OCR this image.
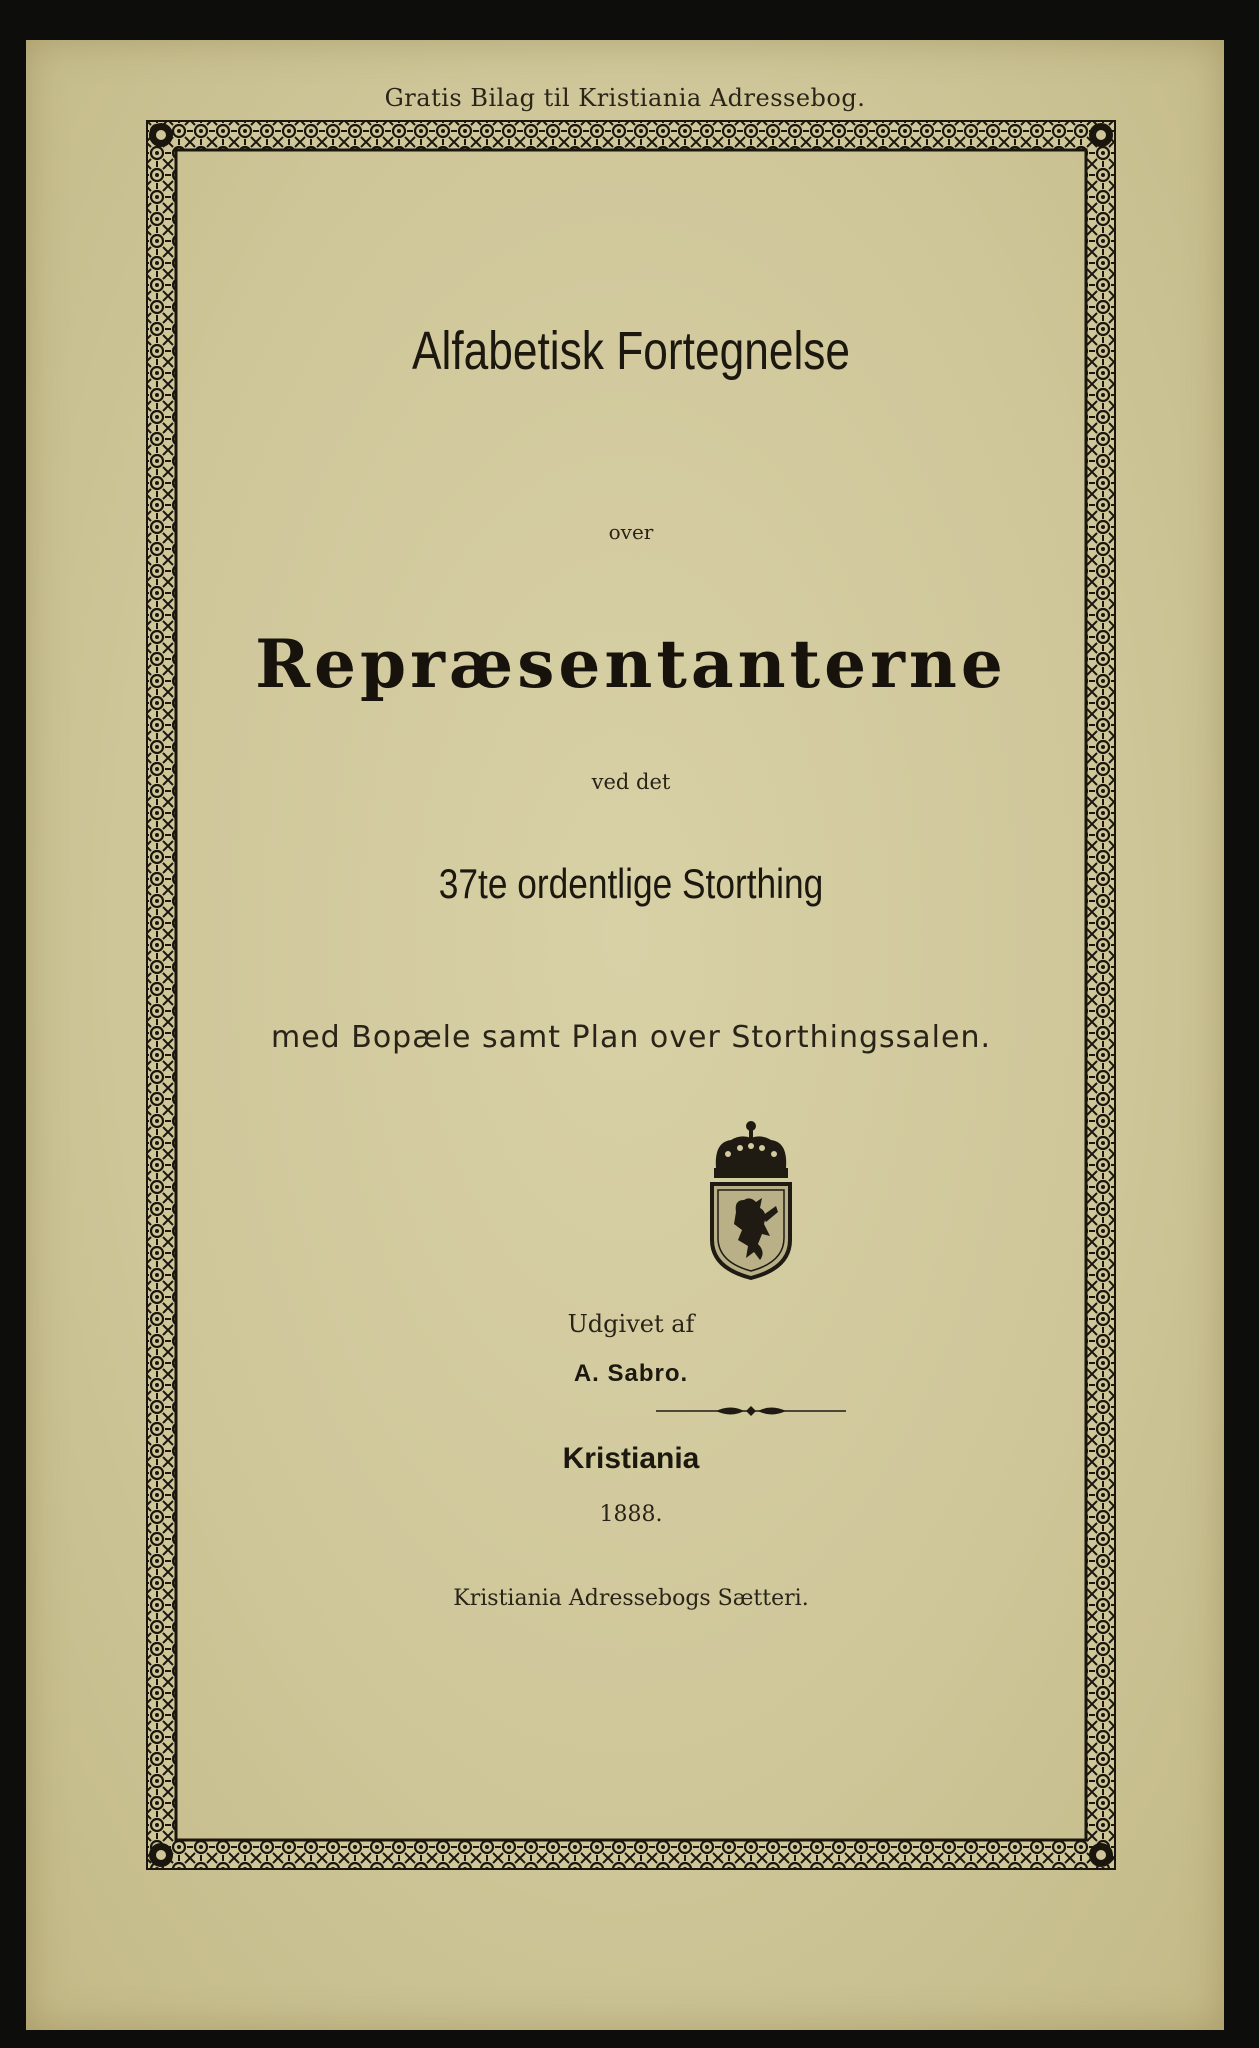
Gratis Bilag til Kristiania Adressebog.
Alfabetisk Fortegnelse
over
Repræsentanterne
ved det
37te ordentlige Storthing
med Bopæle samt Plan over Storthingssalen.
Udgivet af
A. Sabro.
Kristiania
1888.
Kristiania Adressebogs Sætteri.
